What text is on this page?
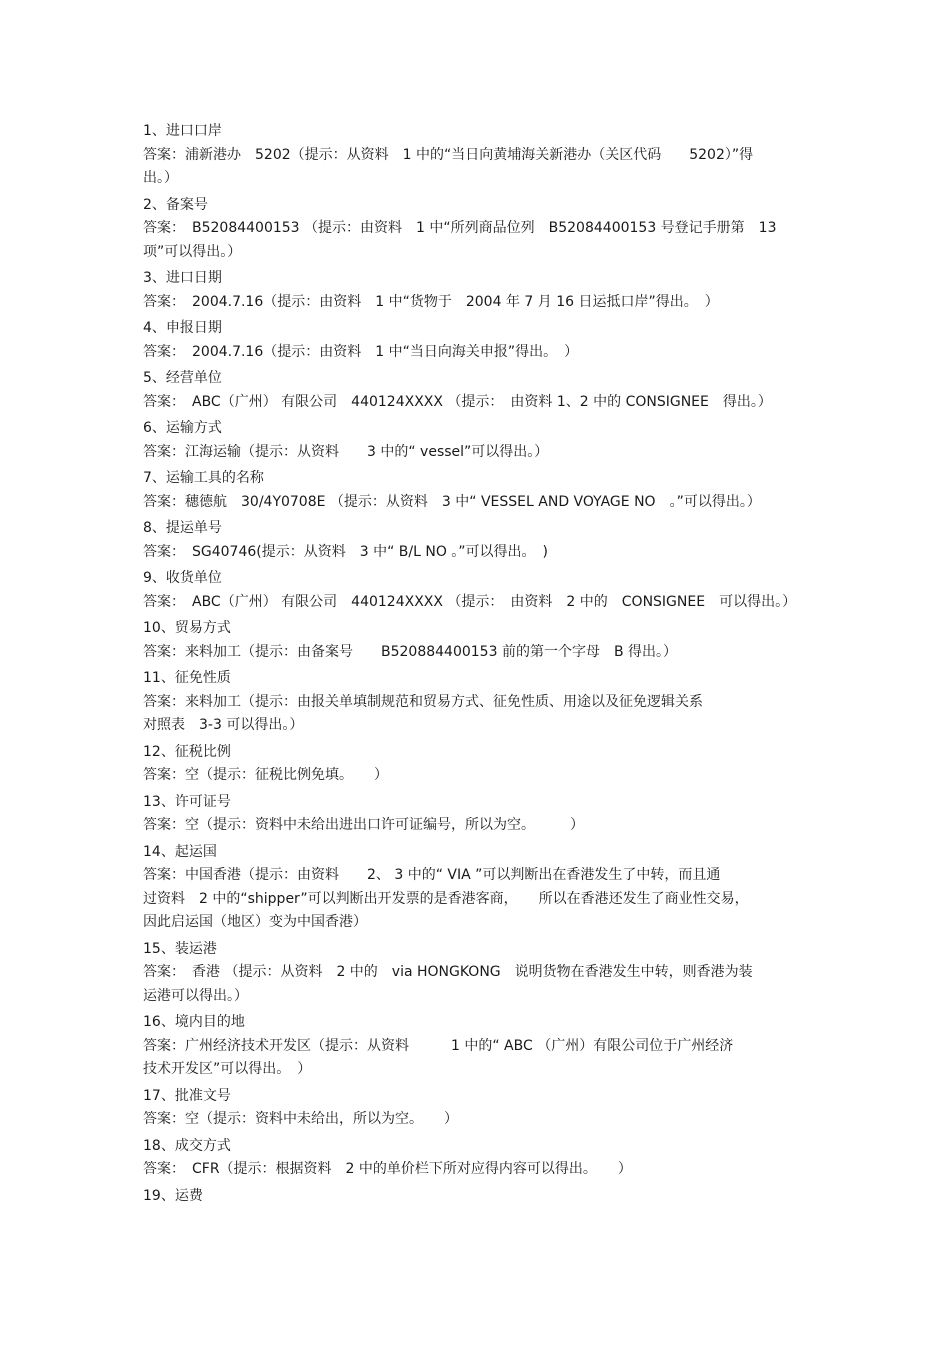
1、进口口岸
答案：浦新港办　5202（提示：从资料　1 中的“当日向黄埔海关新港办（关区代码　　5202）”得
出。）
2、备案号
答案：　B52084400153 （提示：由资料　1 中“所列商品位列　B52084400153 号登记手册第　13
项”可以得出。）
3、进口日期
答案：　2004.7.16（提示：由资料　1 中“货物于　2004 年 7 月 16 日运抵口岸”得出。　）
4、申报日期
答案：　2004.7.16（提示：由资料　1 中“当日向海关申报”得出。　）
5、经营单位
答案：　ABC（广州） 有限公司　440124XXXX （提示：　由资料 1、2 中的 CONSIGNEE　得出。）
6、运输方式
答案：江海运输（提示：从资料　　3 中的“ vessel”可以得出。）
7、运输工具的名称
答案：穗德航　30/4Y0708E （提示：从资料　3 中“ VESSEL AND VOYAGE NO　。”可以得出。）
8、提运单号
答案：　SG40746(提示：从资料　3 中“ B/L NO 。”可以得出。　)
9、收货单位
答案：　ABC（广州） 有限公司　440124XXXX （提示：　由资料　2 中的　CONSIGNEE　可以得出。）
10、贸易方式
答案：来料加工（提示：由备案号　　B520884400153 前的第一个字母　B 得出。）
11、征免性质
答案：来料加工（提示：由报关单填制规范和贸易方式、征免性质、用途以及征免逻辑关系
对照表　3-3 可以得出。）
12、征税比例
答案：空（提示：征税比例免填。　　）
13、许可证号
答案：空（提示：资料中未给出进出口许可证编号，所以为空。　　　）
14、起运国
答案：中国香港（提示：由资料　　2、 3 中的“ VIA ”可以判断出在香港发生了中转，而且通
过资料　2 中的“shipper”可以判断出开发票的是香港客商，　　所以在香港还发生了商业性交易，
因此启运国（地区）变为中国香港）
15、装运港
答案：　香港 （提示：从资料　2 中的　via HONGKONG　说明货物在香港发生中转，则香港为装
运港可以得出。）
16、境内目的地
答案：广州经济技术开发区（提示：从资料　　　1 中的“ ABC （广州）有限公司位于广州经济
技术开发区”可以得出。　）
17、批准文号
答案：空（提示：资料中未给出，所以为空。　　）
18、成交方式
答案：　CFR（提示：根据资料　2 中的单价栏下所对应得内容可以得出。　　）
19、运费
